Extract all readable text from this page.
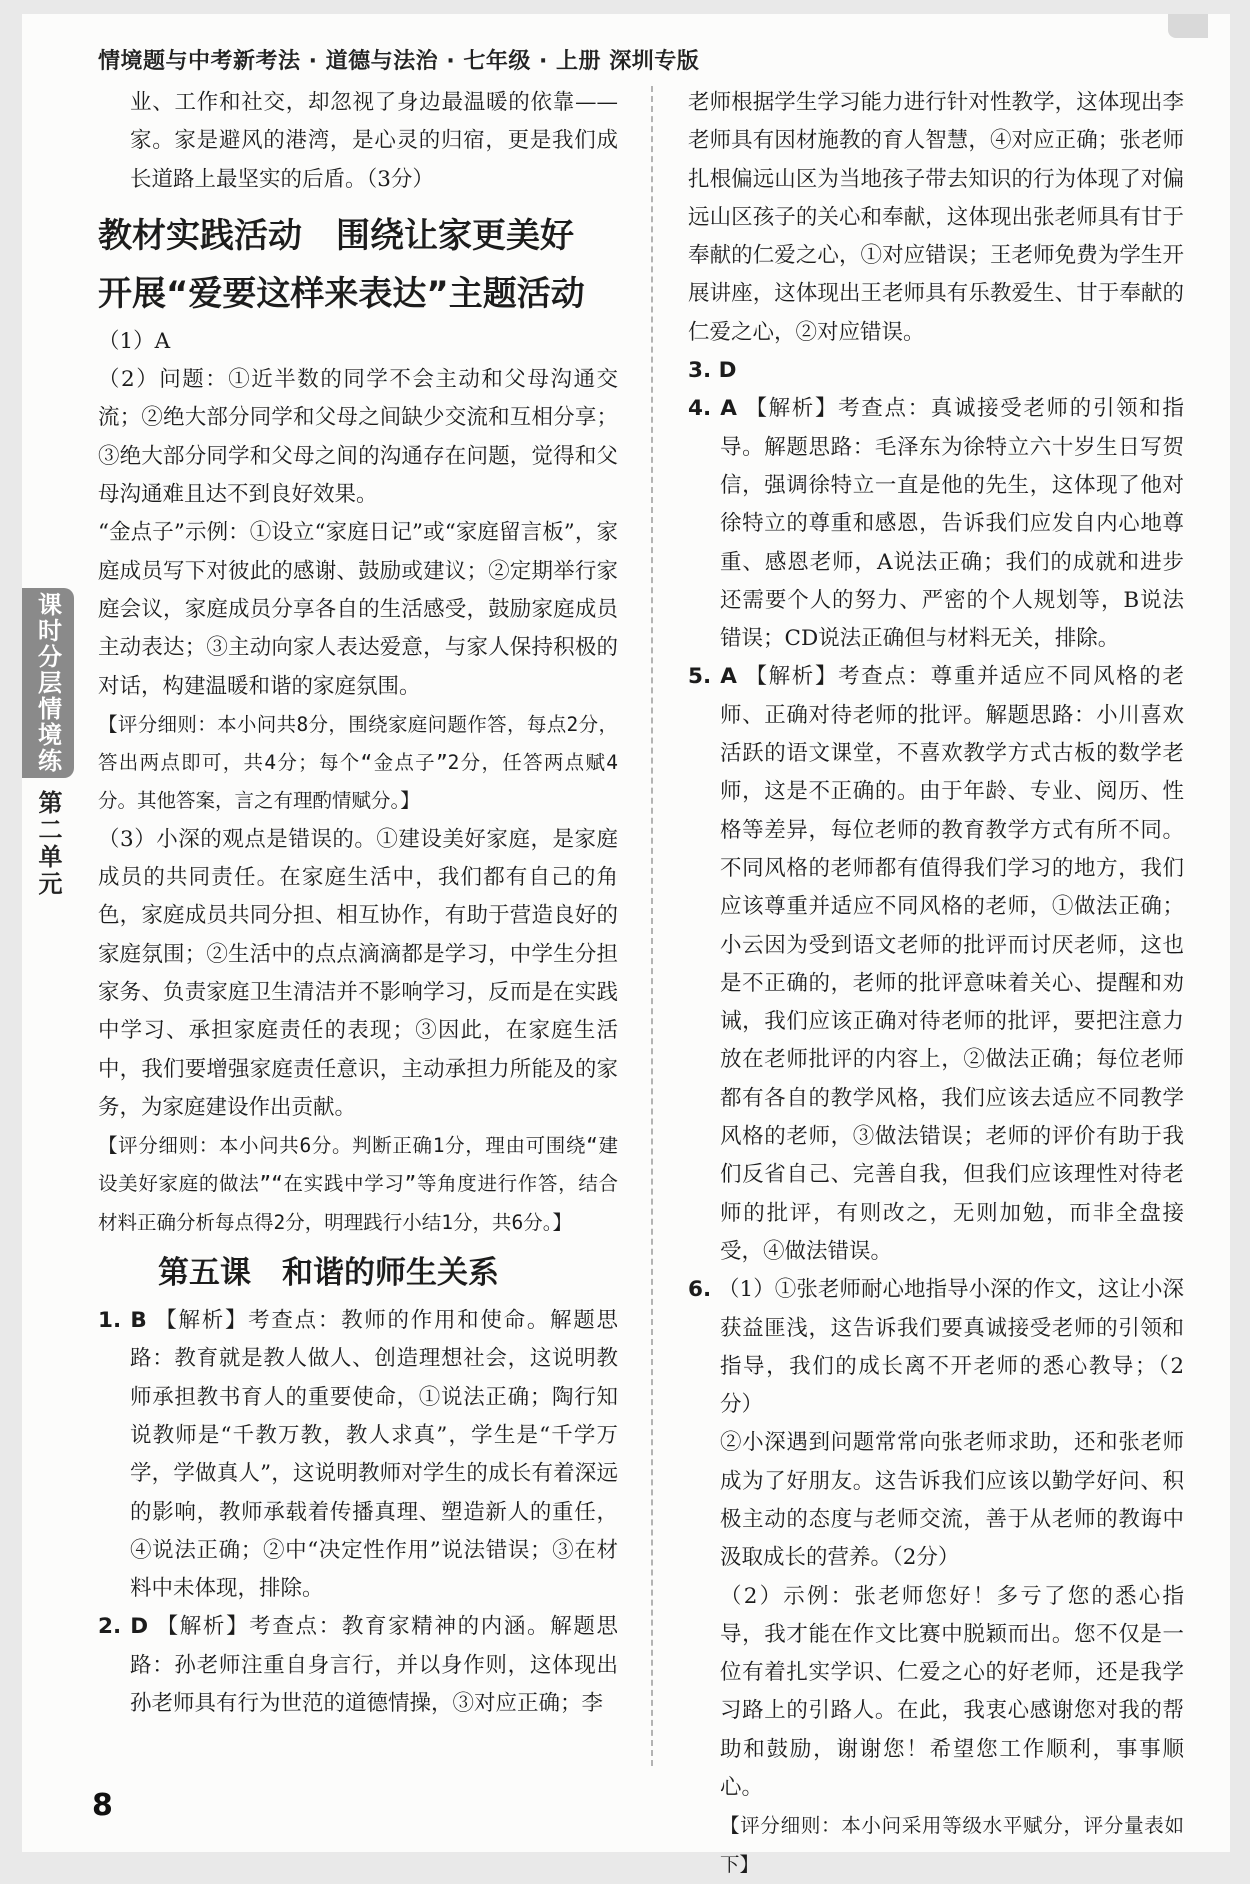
情境题与中考新考法 · 道德与法治 · 七年级 · 上册 深圳专版
课时分层情境练
第二单元

业、工作和社交，却忽视了身边最温暖的依靠——家。家是避风的港湾，是心灵的归宿，更是我们成长道路上最坚实的后盾。（3分）

教材实践活动　围绕让家更美好
开展“爱要这样来表达”主题活动

（1）A

（2）问题：①近半数的同学不会主动和父母沟通交流；②绝大部分同学和父母之间缺少交流和互相分享；③绝大部分同学和父母之间的沟通存在问题，觉得和父母沟通难且达不到良好效果。

“金点子”示例：①设立“家庭日记”或“家庭留言板”，家庭成员写下对彼此的感谢、鼓励或建议；②定期举行家庭会议，家庭成员分享各自的生活感受，鼓励家庭成员主动表达；③主动向家人表达爱意，与家人保持积极的对话，构建温暖和谐的家庭氛围。

【评分细则：本小问共8分，围绕家庭问题作答，每点2分，答出两点即可，共4分；每个“金点子”2分，任答两点赋4分。其他答案，言之有理酌情赋分。】

（3）小深的观点是错误的。①建设美好家庭，是家庭成员的共同责任。在家庭生活中，我们都有自己的角色，家庭成员共同分担、相互协作，有助于营造良好的家庭氛围；②生活中的点点滴滴都是学习，中学生分担家务、负责家庭卫生清洁并不影响学习，反而是在实践中学习、承担家庭责任的表现；③因此，在家庭生活中，我们要增强家庭责任意识，主动承担力所能及的家务，为家庭建设作出贡献。

【评分细则：本小问共6分。判断正确1分，理由可围绕“建设美好家庭的做法”“在实践中学习”等角度进行作答，结合材料正确分析每点得2分，明理践行小结1分，共6分。】

第五课　和谐的师生关系

1. B 【解析】考查点：教师的作用和使命。解题思路：教育就是教人做人、创造理想社会，这说明教师承担教书育人的重要使命，①说法正确；陶行知说教师是“千教万教，教人求真”，学生是“千学万学，学做真人”，这说明教师对学生的成长有着深远的影响，教师承载着传播真理、塑造新人的重任，④说法正确；②中“决定性作用”说法错误；③在材料中未体现，排除。

2. D 【解析】考查点：教育家精神的内涵。解题思路：孙老师注重自身言行，并以身作则，这体现出孙老师具有行为世范的道德情操，③对应正确；李

老师根据学生学习能力进行针对性教学，这体现出李老师具有因材施教的育人智慧，④对应正确；张老师扎根偏远山区为当地孩子带去知识的行为体现了对偏远山区孩子的关心和奉献，这体现出张老师具有甘于奉献的仁爱之心，①对应错误；王老师免费为学生开展讲座，这体现出王老师具有乐教爱生、甘于奉献的仁爱之心，②对应错误。

3. D

4. A 【解析】考查点：真诚接受老师的引领和指导。解题思路：毛泽东为徐特立六十岁生日写贺信，强调徐特立一直是他的先生，这体现了他对徐特立的尊重和感恩，告诉我们应发自内心地尊重、感恩老师，A说法正确；我们的成就和进步还需要个人的努力、严密的个人规划等，B说法错误；CD说法正确但与材料无关，排除。

5. A 【解析】考查点：尊重并适应不同风格的老师、正确对待老师的批评。解题思路：小川喜欢活跃的语文课堂，不喜欢教学方式古板的数学老师，这是不正确的。由于年龄、专业、阅历、性格等差异，每位老师的教育教学方式有所不同。不同风格的老师都有值得我们学习的地方，我们应该尊重并适应不同风格的老师，①做法正确；小云因为受到语文老师的批评而讨厌老师，这也是不正确的，老师的批评意味着关心、提醒和劝诫，我们应该正确对待老师的批评，要把注意力放在老师批评的内容上，②做法正确；每位老师都有各自的教学风格，我们应该去适应不同教学风格的老师，③做法错误；老师的评价有助于我们反省自己、完善自我，但我们应该理性对待老师的批评，有则改之，无则加勉，而非全盘接受，④做法错误。

6. （1）①张老师耐心地指导小深的作文，这让小深获益匪浅，这告诉我们要真诚接受老师的引领和指导，我们的成长离不开老师的悉心教导；（2分）

②小深遇到问题常常向张老师求助，还和张老师成为了好朋友。这告诉我们应该以勤学好问、积极主动的态度与老师交流，善于从老师的教诲中汲取成长的营养。（2分）

（2）示例：张老师您好！多亏了您的悉心指导，我才能在作文比赛中脱颖而出。您不仅是一位有着扎实学识、仁爱之心的好老师，还是我学习路上的引路人。在此，我衷心感谢您对我的帮助和鼓励，谢谢您！希望您工作顺利，事事顺心。

【评分细则：本小问采用等级水平赋分，评分量表如下】

8
